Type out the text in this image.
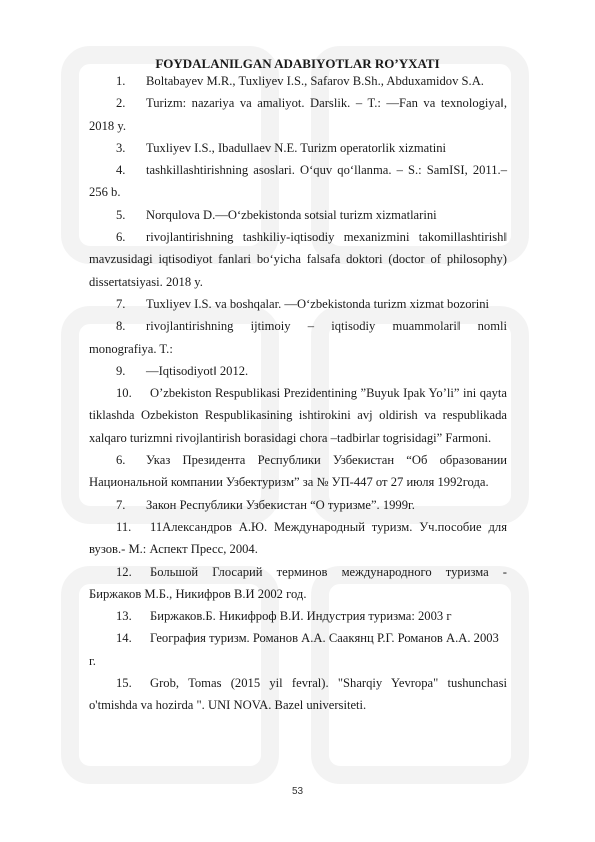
FOYDALANILGAN ADABIYOTLAR RO’YXATI
1. Boltabayev M.R., Tuxliyev I.S., Safarov B.Sh., Abduxamidov S.A.
2. Turizm: nazariya va amaliyot. Darslik. – T.: ―Fan va texnologiya‖, 2018 y.
3. Tuxliyev I.S., Ibadullaev N.E. Turizm operatorlik xizmatini
4. tashkillashtirishning asoslari. O‘quv qo‘llanma. – S.: SamISI, 2011.– 256 b.
5. Norqulova D.―O‘zbekistonda sotsial turizm xizmatlarini
6. rivojlantirishning tashkiliy-iqtisodiy mexanizmini takomillashtirish‖ mavzusidagi iqtisodiyot fanlari bo‘yicha falsafa doktori (doctor of philosophy) dissertatsiyasi. 2018 y.
7. Tuxliyev I.S. va boshqalar. ―O‘zbekistonda turizm xizmat bozorini
8. rivojlantirishning ijtimoiy – iqtisodiy muammolari‖ nomli monografiya. T.:
9. ―Iqtisodiyot‖ 2012.
10. O’zbekiston Respublikasi Prezidentining ”Buyuk Ipak Yo’li” ini qayta tiklashda Ozbekiston Respublikasining ishtirokini avj oldirish va respublikada xalqaro turizmni rivojlantirish borasidagi chora –tadbirlar togrisidagi” Farmoni.
6. Указ Президента Республики Узбекистан “Об образовании Национальной компании Узбектуризм” за № УП-447 от 27 июля 1992года.
7. Закон Республики Узбекистан “О туризме”. 1999г.
11. 11Александров А.Ю. Международный туризм. Уч.пособие для вузов.- М.: Аспект Пресс, 2004.
12. Большой Глосарий терминов международного туризма - Биржаков М.Б., Никифров В.И 2002 год.
13. Биржаков.Б. Никифроф В.И. Индустрия туризма: 2003 г
14. География туризм. Романов А.А. Саакянц Р.Г. Романов А.А. 2003 г.
15. Grob, Tomas (2015 yil fevral). "Sharqiy Yevropa" tushunchasi o'tmishda va hozirda ". UNI NOVA. Bazel universiteti.
53
